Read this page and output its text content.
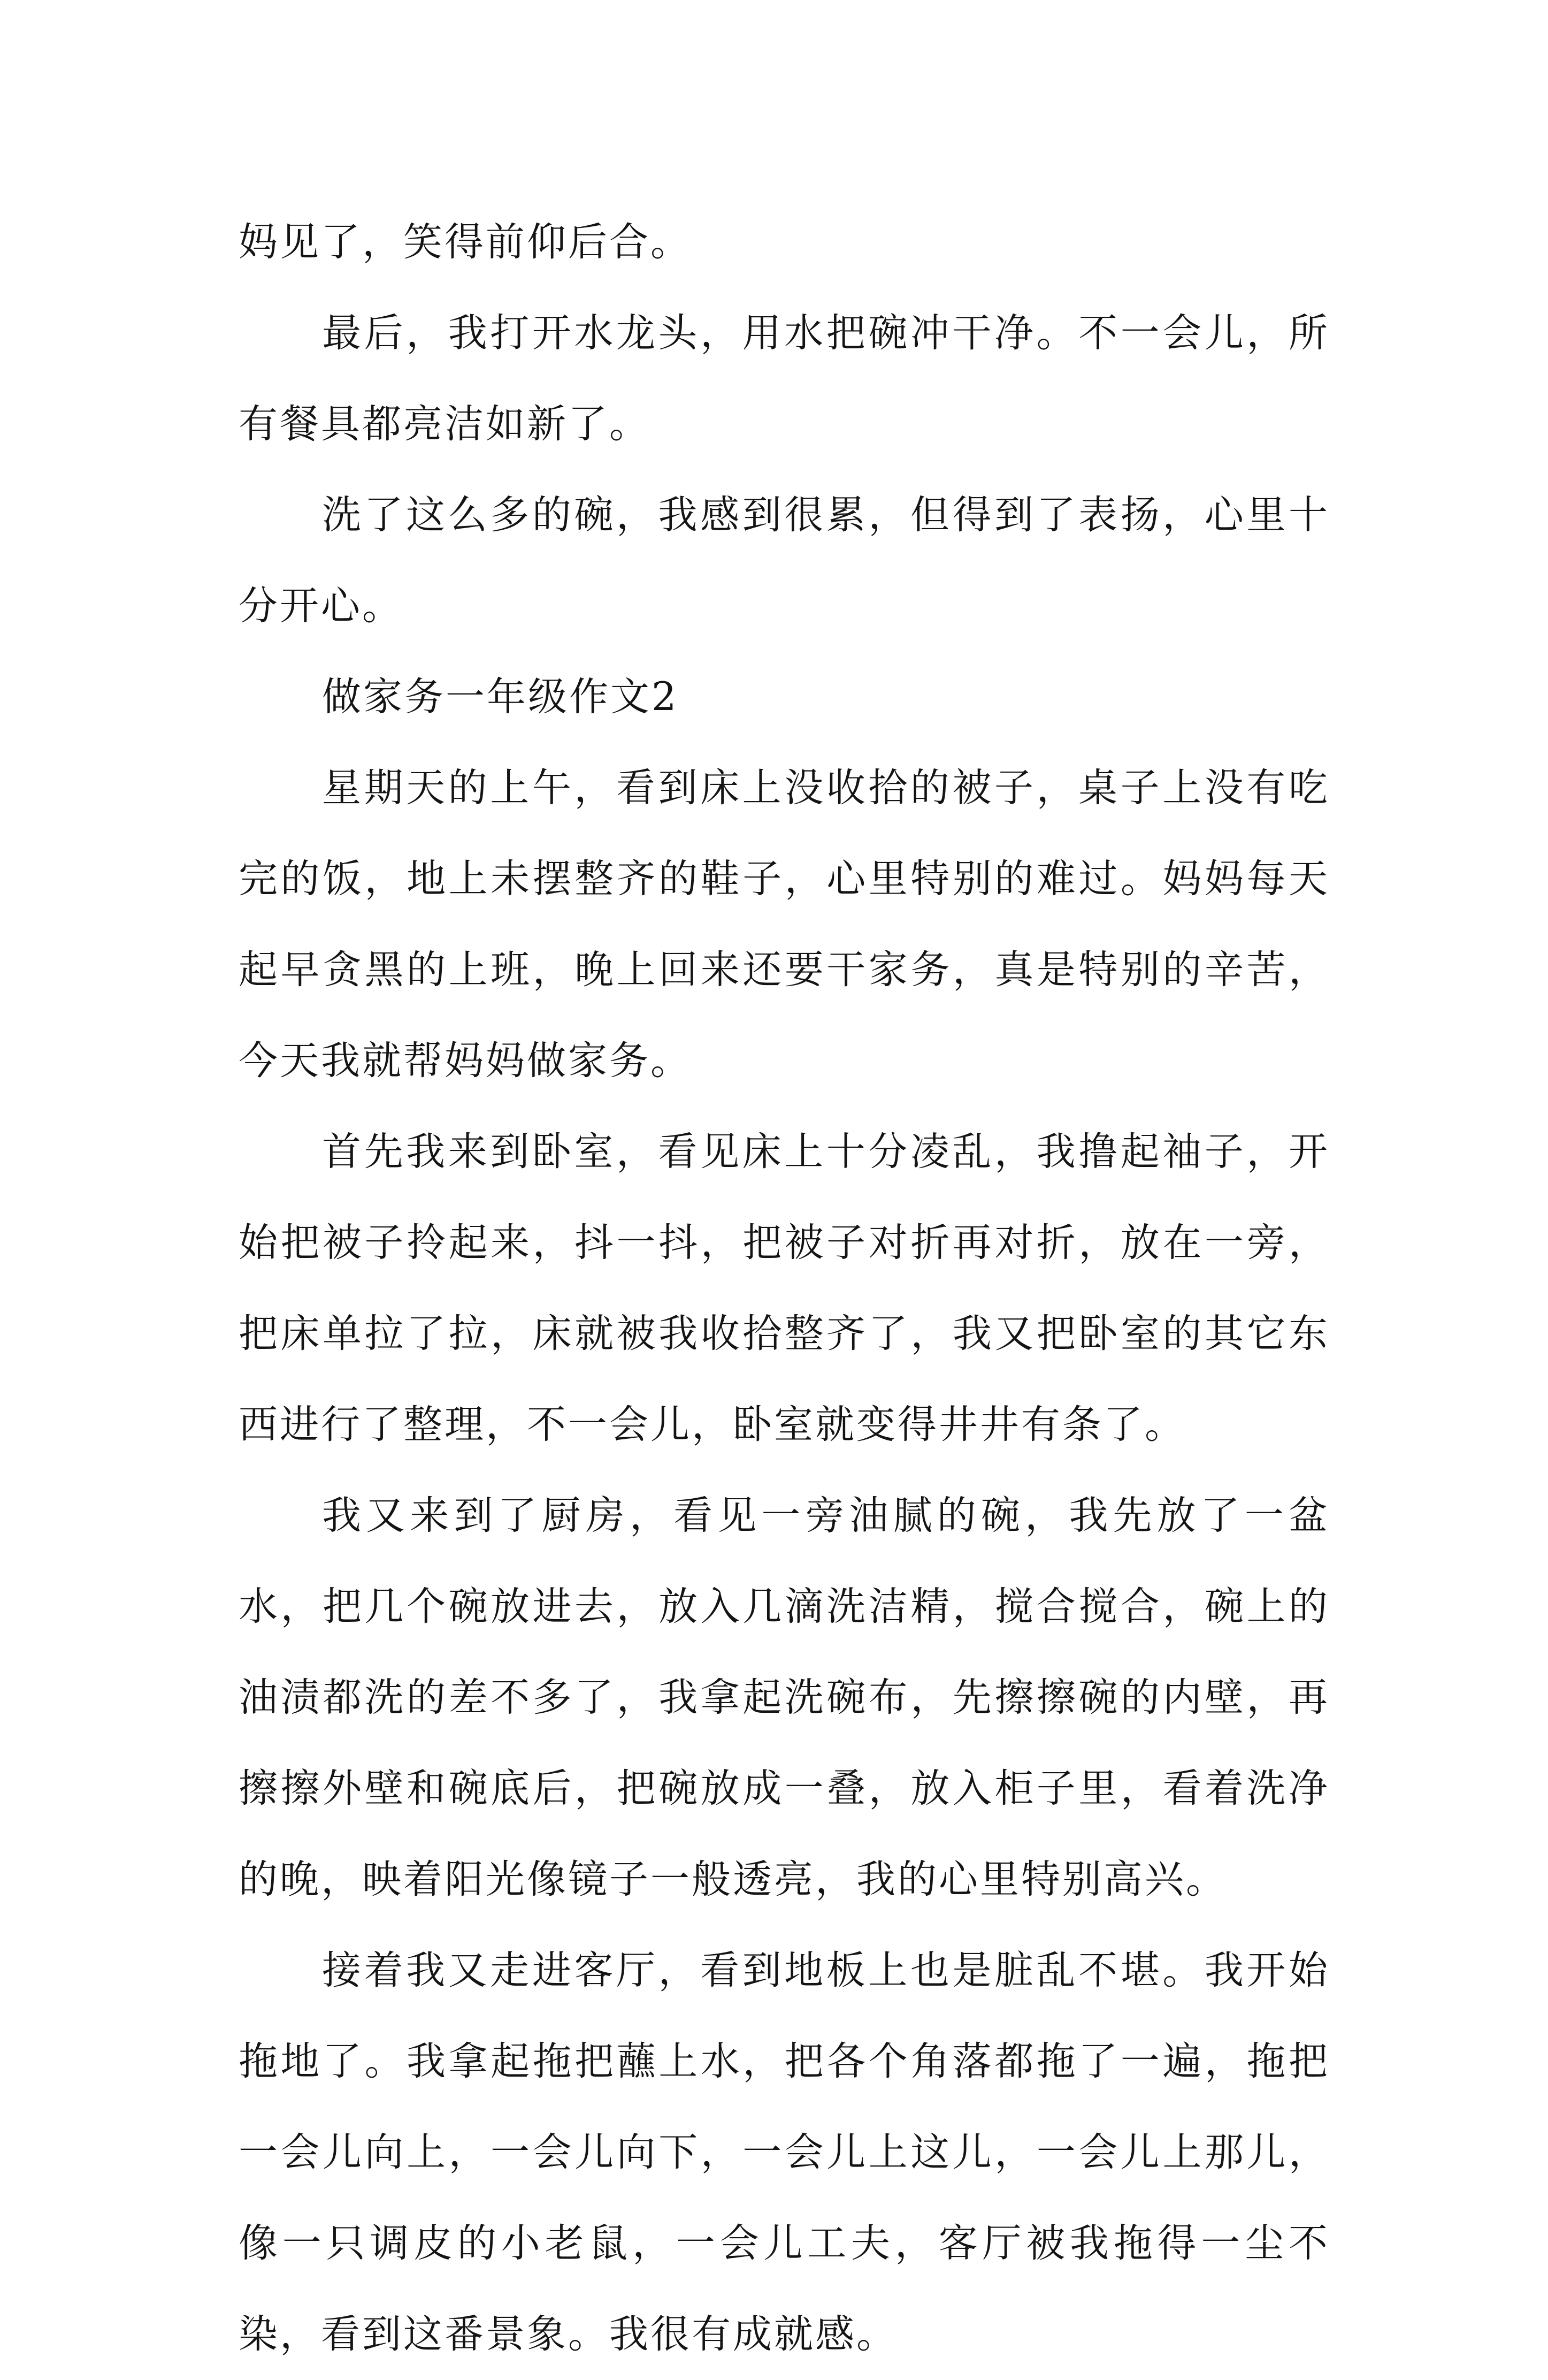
妈见了，笑得前仰后合。

最后，我打开水龙头，用水把碗冲干净。不一会儿，所有餐具都亮洁如新了。

洗了这么多的碗，我感到很累，但得到了表扬，心里十分开心。

做家务一年级作文2

星期天的上午，看到床上没收拾的被子，桌子上没有吃完的饭，地上未摆整齐的鞋子，心里特别的难过。妈妈每天起早贪黑的上班，晚上回来还要干家务，真是特别的辛苦，今天我就帮妈妈做家务。

首先我来到卧室，看见床上十分凌乱，我撸起袖子，开始把被子拎起来，抖一抖，把被子对折再对折，放在一旁，把床单拉了拉，床就被我收拾整齐了，我又把卧室的其它东西进行了整理，不一会儿，卧室就变得井井有条了。

我又来到了厨房，看见一旁油腻的碗，我先放了一盆水，把几个碗放进去，放入几滴洗洁精，搅合搅合，碗上的油渍都洗的差不多了，我拿起洗碗布，先擦擦碗的内壁，再擦擦外壁和碗底后，把碗放成一叠，放入柜子里，看着洗净的晚，映着阳光像镜子一般透亮，我的心里特别高兴。

接着我又走进客厅，看到地板上也是脏乱不堪。我开始拖地了。我拿起拖把蘸上水，把各个角落都拖了一遍，拖把一会儿向上，一会儿向下，一会儿上这儿，一会儿上那儿，像一只调皮的小老鼠，一会儿工夫，客厅被我拖得一尘不染，看到这番景象。我很有成就感。
